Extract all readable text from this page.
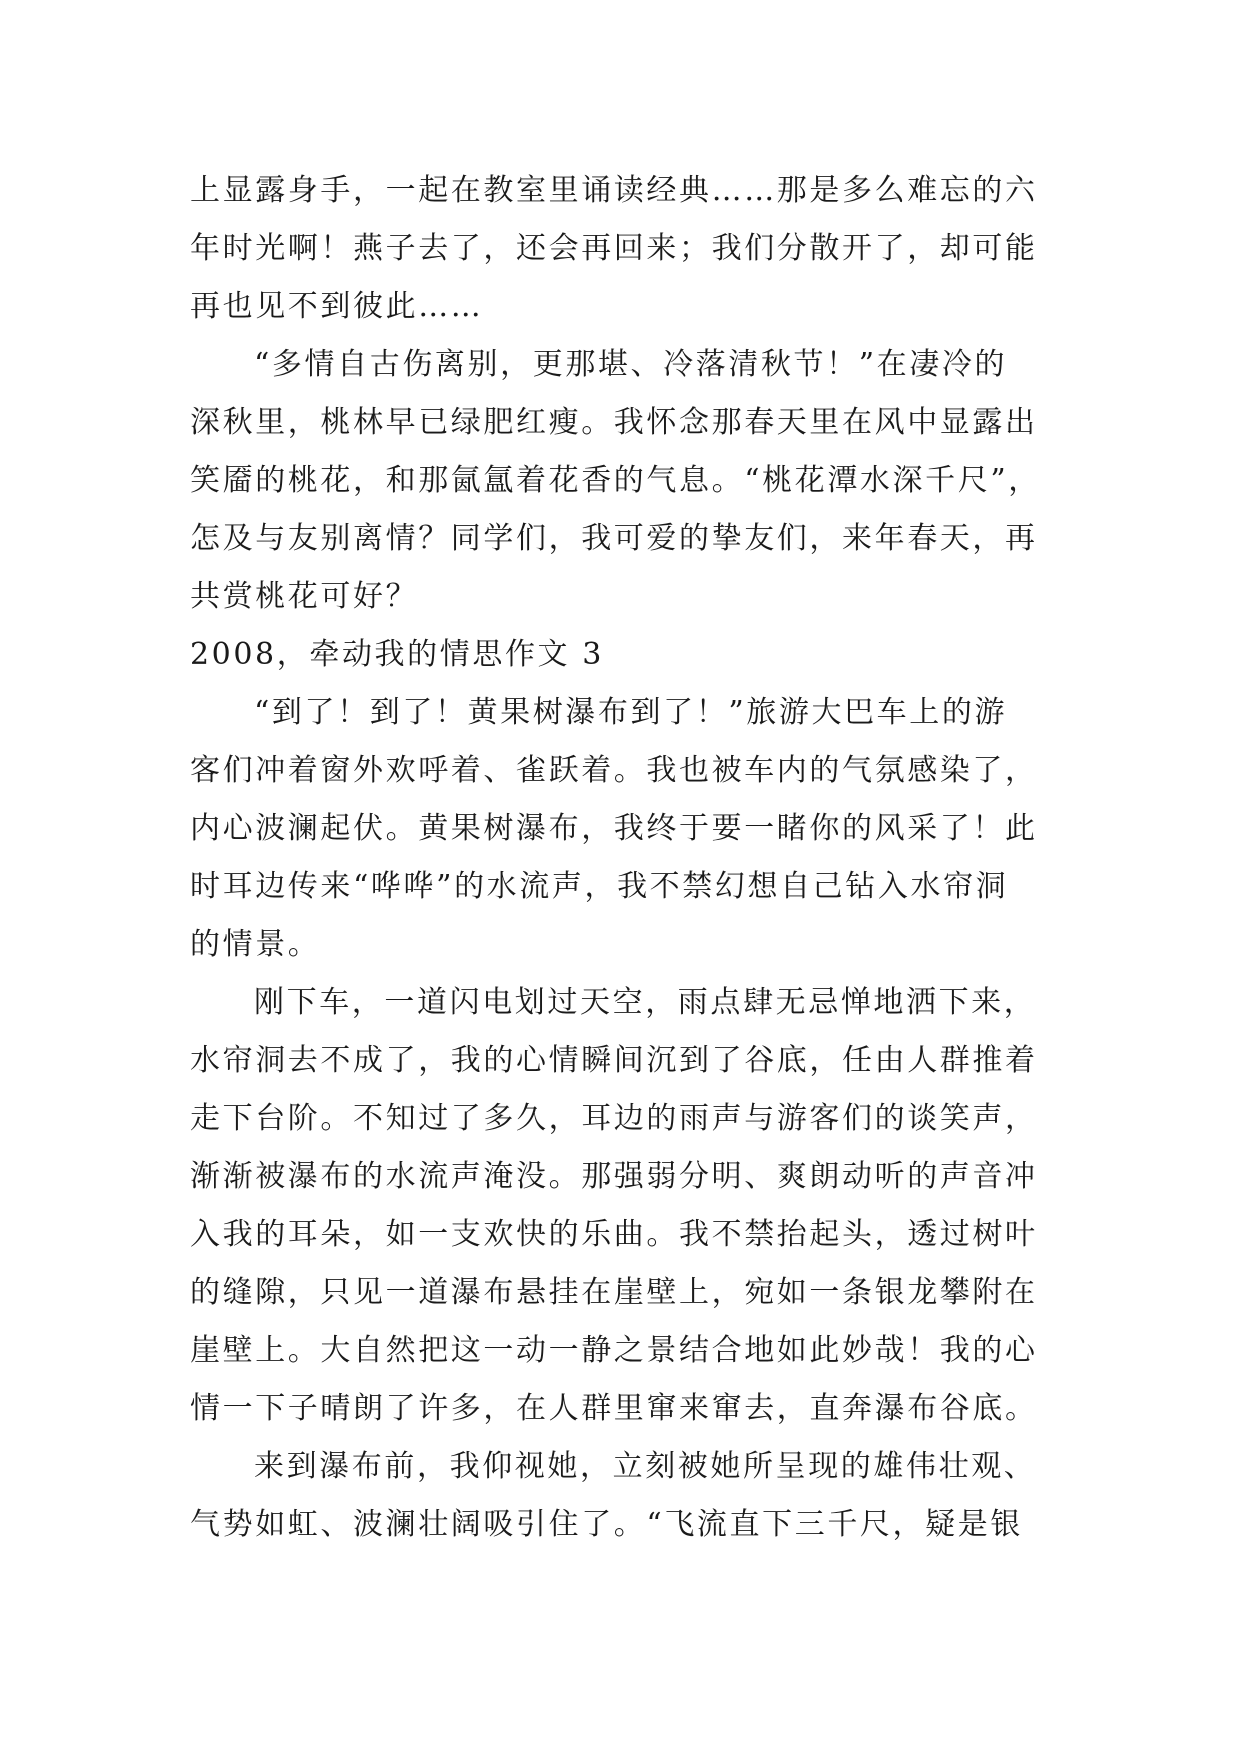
上显露身手，一起在教室里诵读经典……那是多么难忘的六
年时光啊！燕子去了，还会再回来；我们分散开了，却可能
再也见不到彼此……
“多情自古伤离别，更那堪、冷落清秋节！”在凄冷的
深秋里，桃林早已绿肥红瘦。我怀念那春天里在风中显露出
笑靥的桃花，和那氤氲着花香的气息。“桃花潭水深千尺”，
怎及与友别离情？同学们，我可爱的挚友们，来年春天，再
共赏桃花可好？
2008，牵动我的情思作文 3
“到了！到了！黄果树瀑布到了！”旅游大巴车上的游
客们冲着窗外欢呼着、雀跃着。我也被车内的气氛感染了，
内心波澜起伏。黄果树瀑布，我终于要一睹你的风采了！此
时耳边传来“哗哗”的水流声，我不禁幻想自己钻入水帘洞
的情景。
刚下车，一道闪电划过天空，雨点肆无忌惮地洒下来，
水帘洞去不成了，我的心情瞬间沉到了谷底，任由人群推着
走下台阶。不知过了多久，耳边的雨声与游客们的谈笑声，
渐渐被瀑布的水流声淹没。那强弱分明、爽朗动听的声音冲
入我的耳朵，如一支欢快的乐曲。我不禁抬起头，透过树叶
的缝隙，只见一道瀑布悬挂在崖壁上，宛如一条银龙攀附在
崖壁上。大自然把这一动一静之景结合地如此妙哉！我的心
情一下子晴朗了许多，在人群里窜来窜去，直奔瀑布谷底。
来到瀑布前，我仰视她，立刻被她所呈现的雄伟壮观、
气势如虹、波澜壮阔吸引住了。“飞流直下三千尺，疑是银
